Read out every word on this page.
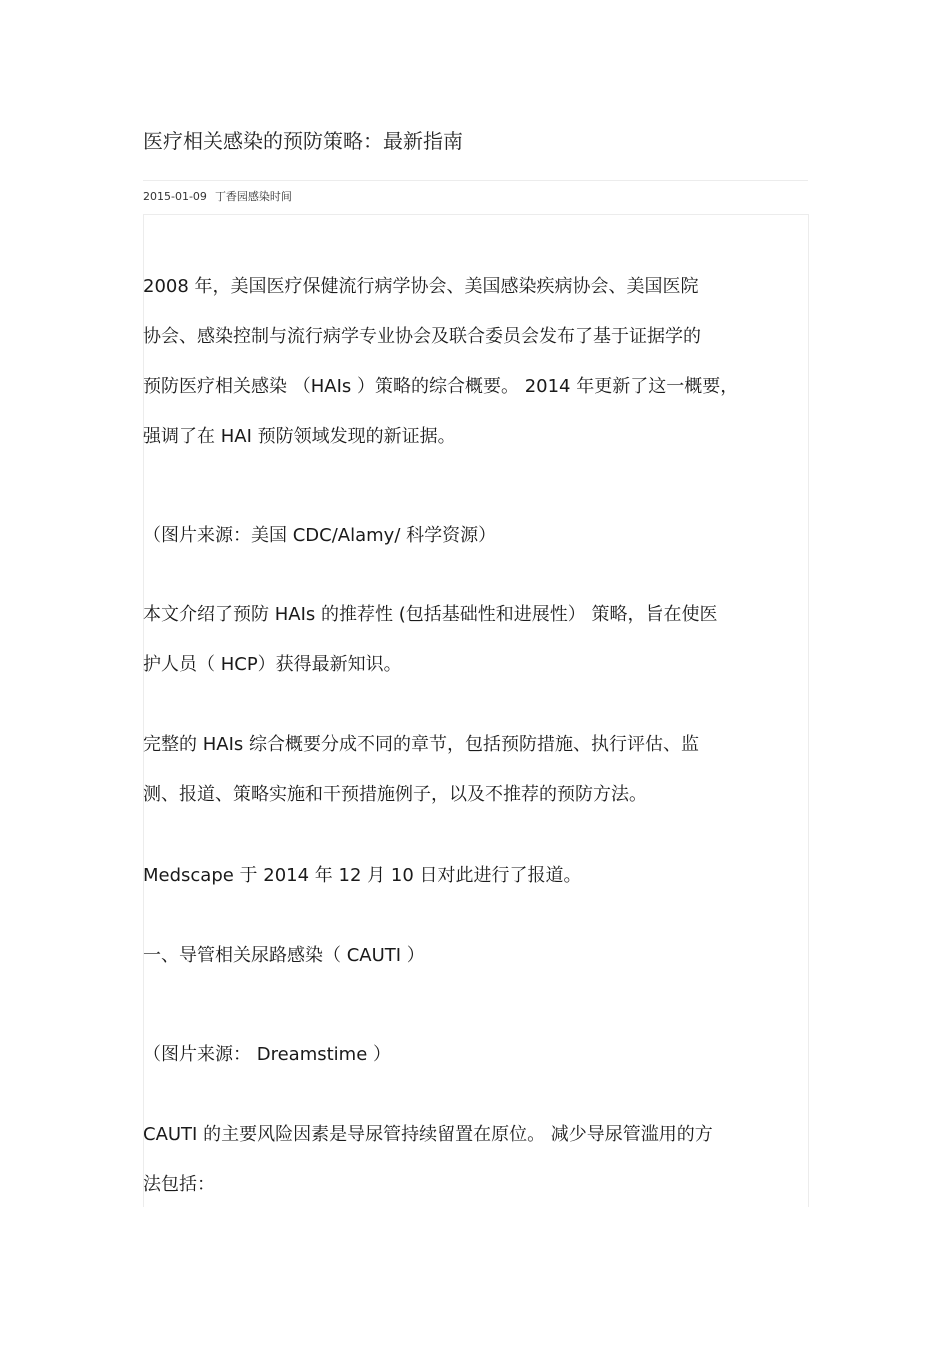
医疗相关感染的预防策略：最新指南
2015-01-09 丁香园感染时间
2008 年，美国医疗保健流行病学协会、美国感染疾病协会、美国医院
协会、感染控制与流行病学专业协会及联合委员会发布了基于证据学的
预防医疗相关感染 （HAIs ）策略的综合概要。 2014 年更新了这一概要，
强调了在 HAI 预防领域发现的新证据。
（图片来源：美国 CDC/Alamy/ 科学资源）
本文介绍了预防 HAIs 的推荐性 (包括基础性和进展性） 策略，旨在使医
护人员（ HCP）获得最新知识。
完整的 HAIs 综合概要分成不同的章节，包括预防措施、执行评估、监
测、报道、策略实施和干预措施例子，以及不推荐的预防方法。
Medscape 于 2014 年 12 月 10 日对此进行了报道。
一、导管相关尿路感染（ CAUTI ）
（图片来源： Dreamstime ）
CAUTI 的主要风险因素是导尿管持续留置在原位。 减少导尿管滥用的方
法包括：
